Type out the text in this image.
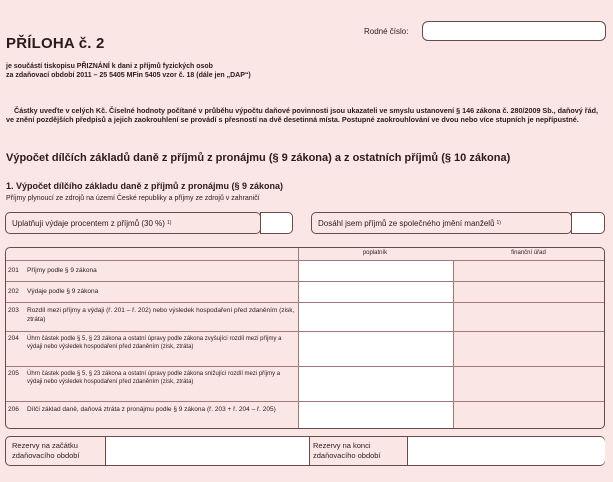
Rodné číslo:
PŘÍLOHA č. 2
je součástí tiskopisu PŘIZNÁNÍ k dani z příjmů fyzických osob
za zdaňovací období 2011 – 25 5405 MFin 5405 vzor č. 18 (dále jen „DAP“)
Částky uveďte v celých Kč. Číselné hodnoty počítané v průběhu výpočtu daňové povinnosti jsou ukazateli ve smyslu ustanovení § 146 zákona č. 280/2009 Sb., daňový řád, ve znění pozdějších předpisů a jejich zaokrouhlení se provádí s přesností na dvě desetinná místa. Postupné zaokrouhlování ve dvou nebo více stupních je nepřípustné.
Výpočet dílčích základů daně z příjmů z pronájmu (§ 9 zákona) a z ostatních příjmů (§ 10 zákona)
1. Výpočet dílčího základu daně z příjmů z pronájmu (§ 9 zákona)
Příjmy plynoucí ze zdrojů na území České republiky a příjmy ze zdrojů v zahraničí
Uplatňuji výdaje procentem z příjmů (30 %) 1)	Dosáhl jsem příjmů ze společného jmění manželů 1)
poplatník	finanční úřad
201 Příjmy podle § 9 zákona
202 Výdaje podle § 9 zákona
203 Rozdíl mezi příjmy a výdaji (ř. 201 – ř. 202) nebo výsledek hospodaření před zdaněním (zisk, ztráta)
204 Úhrn částek podle § 5, § 23 zákona a ostatní úpravy podle zákona zvyšující rozdíl mezi příjmy a výdaji nebo výsledek hospodaření před zdaněním (zisk, ztráta)
205 Úhrn částek podle § 5, § 23 zákona a ostatní úpravy podle zákona snižující rozdíl mezi příjmy a výdaji nebo výsledek hospodaření před zdaněním (zisk, ztráta)
206 Dílčí základ daně, daňová ztráta z pronájmu podle § 9 zákona (ř. 203 + ř. 204 – ř. 205)
Rezervy na začátku
zdaňovacího období
Rezervy na konci
zdaňovacího období
